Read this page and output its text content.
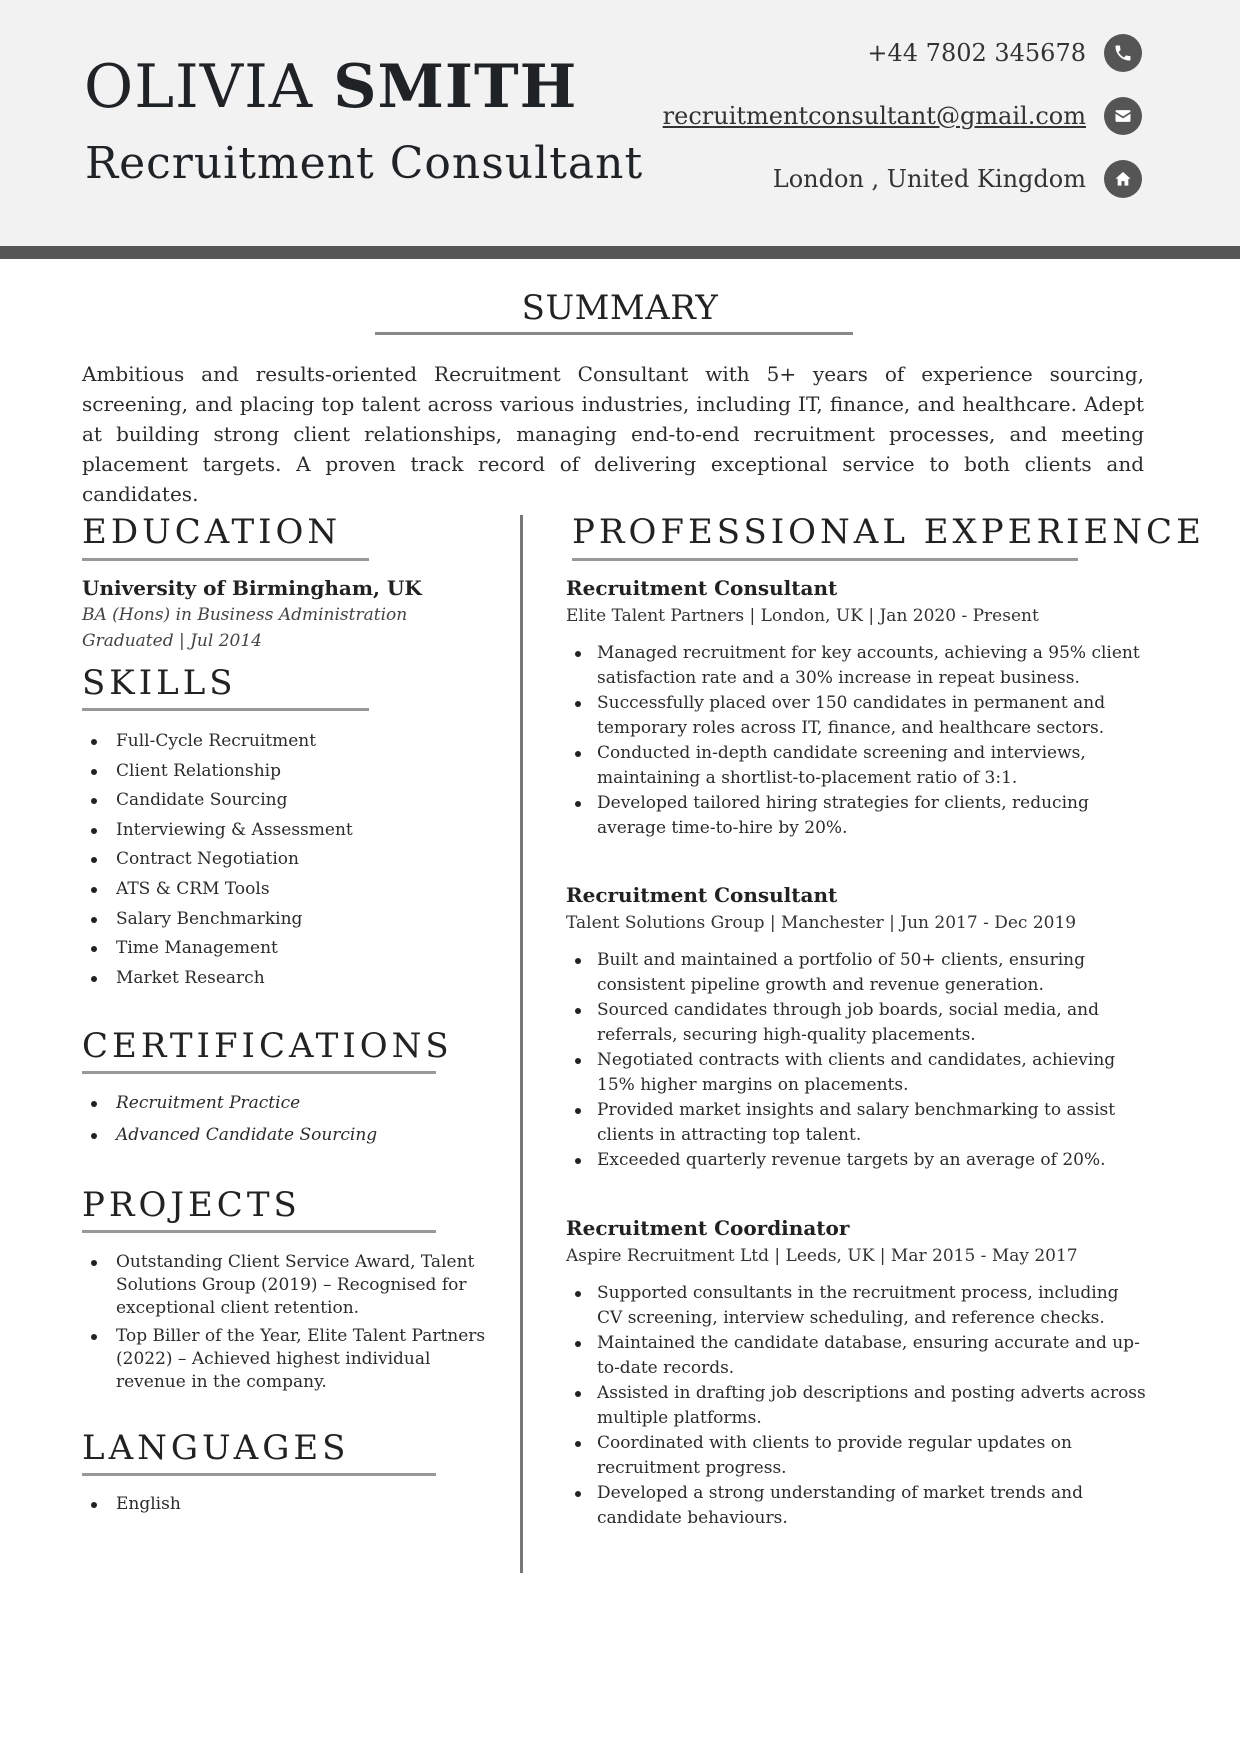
OLIVIA SMITH
Recruitment Consultant
+44 7802 345678
recruitmentconsultant@gmail.com
London , United Kingdom
SUMMARY

Ambitious and results-oriented Recruitment Consultant with 5+ years of experience sourcing, screening, and placing top talent across various industries, including IT, finance, and healthcare. Adept at building strong client relationships, managing end-to-end recruitment processes, and meeting placement targets. A proven track record of delivering exceptional service to both clients and candidates.

EDUCATION
University of Birmingham, UK
BA (Hons) in Business Administration
Graduated | Jul 2014
SKILLS
Full-Cycle Recruitment
Client Relationship
Candidate Sourcing
Interviewing & Assessment
Contract Negotiation
ATS & CRM Tools
Salary Benchmarking
Time Management
Market Research
CERTIFICATIONS
Recruitment Practice
Advanced Candidate Sourcing
PROJECTS
Outstanding Client Service Award, Talent Solutions Group (2019) – Recognised for exceptional client retention.
Top Biller of the Year, Elite Talent Partners (2022) – Achieved highest individual revenue in the company.
LANGUAGES
English
PROFESSIONAL EXPERIENCE
Recruitment Consultant
Elite Talent Partners | London, UK | Jan 2020 - Present
Managed recruitment for key accounts, achieving a 95% client satisfaction rate and a 30% increase in repeat business.
Successfully placed over 150 candidates in permanent and temporary roles across IT, finance, and healthcare sectors.
Conducted in-depth candidate screening and interviews, maintaining a shortlist-to-placement ratio of 3:1.
Developed tailored hiring strategies for clients, reducing average time-to-hire by 20%.
Recruitment Consultant
Talent Solutions Group | Manchester | Jun 2017 - Dec 2019
Built and maintained a portfolio of 50+ clients, ensuring consistent pipeline growth and revenue generation.
Sourced candidates through job boards, social media, and referrals, securing high-quality placements.
Negotiated contracts with clients and candidates, achieving 15% higher margins on placements.
Provided market insights and salary benchmarking to assist clients in attracting top talent.
Exceeded quarterly revenue targets by an average of 20%.
Recruitment Coordinator
Aspire Recruitment Ltd | Leeds, UK | Mar 2015 - May 2017
Supported consultants in the recruitment process, including CV screening, interview scheduling, and reference checks.
Maintained the candidate database, ensuring accurate and up-to-date records.
Assisted in drafting job descriptions and posting adverts across multiple platforms.
Coordinated with clients to provide regular updates on recruitment progress.
Developed a strong understanding of market trends and candidate behaviours.
